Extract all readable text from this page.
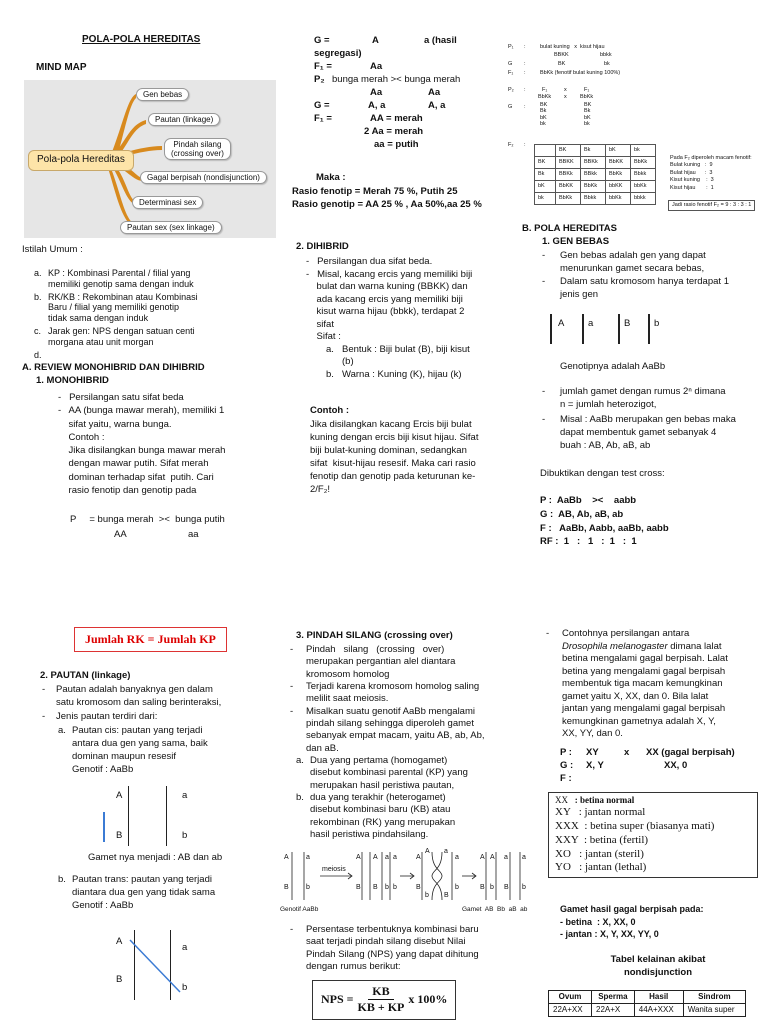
POLA-POLA HEREDITAS
MIND MAP
Pola-pola Hereditas
Gen bebas
Pautan (linkage)
Pindah silang
(crossing over)
Gagal berpisah (nondisjunction)
Determinasi sex
Pautan sex (sex linkage)
Istilah Umum :
a. KP : Kombinasi Parental / filial yang
memiliki genotip sama dengan induk
b. RK/KB : Rekombinan atau Kombinasi
Baru / filial yang memiliki genotip
tidak sama dengan induk
c. Jarak gen: NPS dengan satuan centi
morgana atau unit morgan
d.
A. REVIEW MONOHIBRID DAN DIHIBRID
1. MONOHIBRID
-   Persilangan satu sifat beda
-   AA (bunga mawar merah), memiliki 1
sifat yaitu, warna bunga.
Contoh :
Jika disilangkan bunga mawar merah
dengan mawar putih. Sifat merah
dominan terhadap sifat  putih. Cari
rasio fenotip dan genotip pada
P     = bunga merah  ><  bunga putih
AA	aa
G =	A	a (hasil
segregasi)
F₁ =	Aa
P₂ bunga merah >< bunga merah
Aa	Aa
G =	A, a	A, a
F₁ =	AA = merah
2 Aa = merah
aa = putih
Maka :
Rasio fenotip = Merah 75 %, Putih 25
Rasio genotip = AA 25 % , Aa 50%,aa 25 %
2. DIHIBRID
-   Persilangan dua sifat beda.
-   Misal, kacang ercis yang memiliki biji
bulat dan warna kuning (BBKK) dan
ada kacang ercis yang memiliki biji
kisut warna hijau (bbkk), terdapat 2
sifat
Sifat :
a. Bentuk : Biji bulat (B), biji kisut
(b)
b. Warna : Kuning (K), hijau (k)
Contoh :
Jika disilangkan kacang Ercis biji bulat
kuning dengan ercis biji kisut hijau. Sifat
biji bulat-kuning dominan, sedangkan
sifat  kisut-hijau resesif. Maka cari rasio
fenotip dan genotip pada keturunan ke-
2/F₂!
P₁ :	bulat kuning   x  kisut hijau
BBKK	bbkk
G :	BK	bk
F₁ :	BbKk (fenotif bulat kuning 100%)
P₂ :	F₁	x	F₁
BbKk x BbKk
G :	BK
Bk
bK
bk
BK
Bk
bK
bk
F₂ :
	BK	Bk	bK	bk
BK	BBKK	BBKk	BbKK	BbKk
Bk	BBKk	BBkk	BbKk	Bbkk
bK	BbKK	BbKk	bbKK	bbKk
bk	BbKk	Bbkk	bbKk	bbkk
Pada F₂ diperoleh macam fenotif:
Bulat kuning   :  9
Bulat hijau      :  3
Kisut kuning    :  3
Kisut hijau       :  1
Jadi rasio fenotif F₂ = 9 : 3 : 3 : 1
B. POLA HEREDITAS
1. GEN BEBAS
- Gen bebas adalah gen yang dapat
menurunkan gamet secara bebas,
- Dalam satu kromosom hanya terdapat 1
jenis gen
A a	B b
Genotipnya adalah AaBb
- jumlah gamet dengan rumus 2ⁿ dimana
n = jumlah heterozigot,
- Misal : AaBb merupakan gen bebas maka
dapat membentuk gamet sebanyak 4
buah : AB, Ab, aB, ab
Dibuktikan dengan test cross:
P :  AaBb    ><    aabb
G :  AB, Ab, aB, ab
F :   AaBb, Aabb, aaBb, aabb
RF :  1   :   1   :  1   :  1
Jumlah RK = Jumlah KP
2. PAUTAN (linkage)
- Pautan adalah banyaknya gen dalam
satu kromosom dan saling berinteraksi,
- Jenis pautan terdiri dari:
a. Pautan cis: pautan yang terjadi
antara dua gen yang sama, baik
dominan maupun resesif
Genotif : AaBb
A	a
B	b
Gamet nya menjadi : AB dan ab
b. Pautan trans: pautan yang terjadi
diantara dua gen yang tidak sama
Genotif : AaBb
A
a
B
b
3. PINDAH SILANG (crossing over)
-	Pindah   silang   (crossing   over)
merupakan pergantian alel diantara
kromosom homolog
-	Terjadi karena kromosom homolog saling
melilit saat meiosis.
-	Misalkan suatu genotif AaBb mengalami
pindah silang sehingga diperoleh gamet
sebanyak empat macam, yaitu AB, ab, Ab,
dan aB.
a. Dua yang pertama (homogamet)
disebut kombinasi parental (KP) yang
merupakan hasil peristiwa pautan,
b. dua yang terakhir (heterogamet)
disebut kombinasi baru (KB) atau
rekombinan (RK) yang merupakan
hasil peristiwa pindahsilang.
A a
B b
meiosis
A A a a
B B b b
A
A a
a
B
b B
b
A A a a
B b B b
Genotif AaBb	Gamet  AB  Bb  aB  ab
- Persentase terbentuknya kombinasi baru
saat terjadi pindah silang disebut Nilai
Pindah Silang (NPS) yang dapat dihitung
dengan rumus berikut:
NPS = $\frac{KB}{KB + KP}$ x 100%
- Contohnya persilangan antara
Drosophila melanogaster dimana lalat
betina mengalami gagal berpisah. Lalat
betina yang mengalami gagal berpisah
membentuk tiga macam kemungkinan
gamet yaitu X, XX, dan 0. Bila lalat
jantan yang mengalami gagal berpisah
kemungkinan gametnya adalah X, Y,
XX, YY, dan 0.
P : XY	x XX (gagal berpisah)
G : X, Y	XX, 0
F :
XX   : betina normal
XY   : jantan normal
XXX  : betina super (biasanya mati)
XXY  : betina (fertil)
XO   : jantan (steril)
YO   : jantan (lethal)
Gamet hasil gagal berpisah pada:
- betina  : X, XX, 0
- jantan : X, Y, XX, YY, 0
Tabel kelainan akibat
nondisjunction
Ovum	Sperma	Hasil	Sindrom
22A+XX	22A+X	44A+XXX	Wanita super
